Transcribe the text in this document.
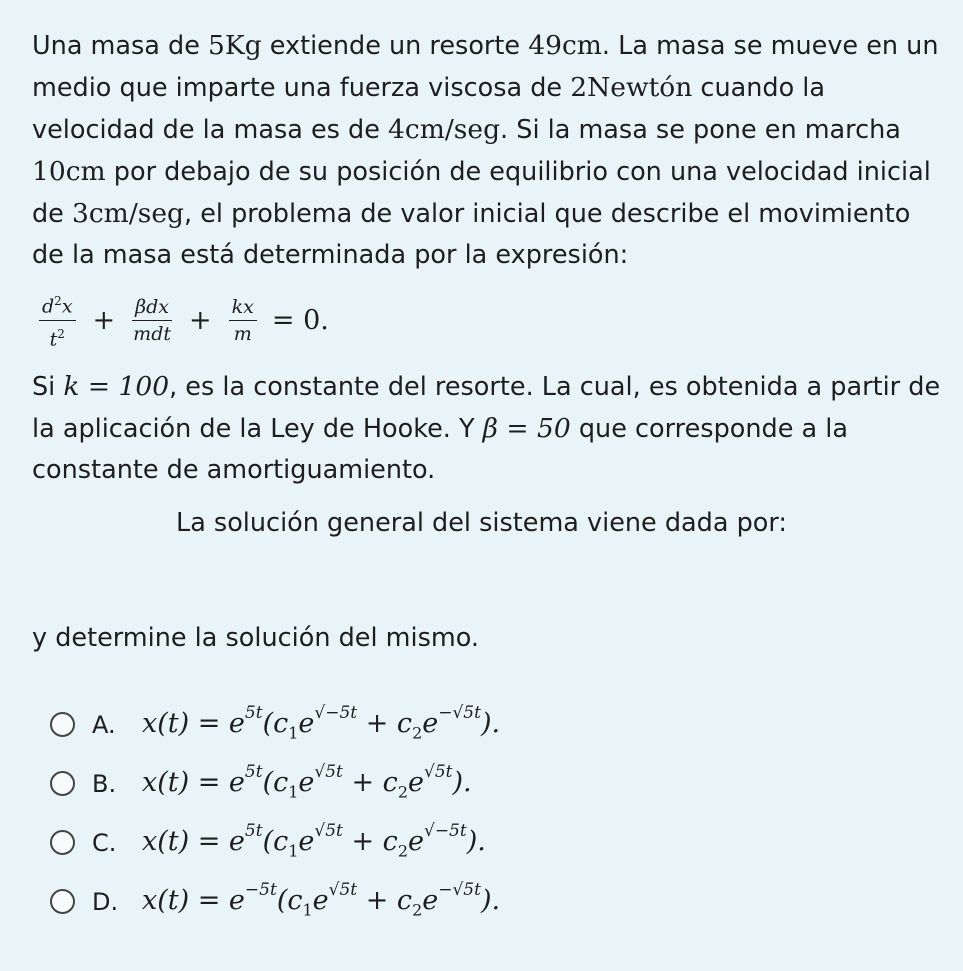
Una masa de 5Kg extiende un resorte 49cm. La masa se mueve en un medio que imparte una fuerza viscosa de 2Newtón cuando la velocidad de la masa es de 4cm/seg. Si la masa se pone en marcha 10cm por debajo de su posición de equilibrio con una velocidad inicial de 3cm/seg, el problema de valor inicial que describe el movimiento de la masa está determinada por la expresión:
$\frac{d^2x}{t^2} + \frac{\text{βdx}}{\text{mdt}} + \frac{kx}{m} = 0$.
Si k = 100, es la constante del resorte. La cual, es obtenida a partir de la aplicación de la Ley de Hooke. Y β = 50 que corresponde a la constante de amortiguamiento.
La solución general del sistema viene dada por:
y determine la solución del mismo.
A. $x(t) = e^{5t}(c_1e^{√-5t} + c_2e^{-√5t})$.
B. $x(t) = e^{5t}(c_1e^{√5t} + c_2e^{√5t})$.
C. $x(t) = e^{5t}(c_1e^{√5t} + c_2e^{√-5t})$.
D. $x(t) = e^{-5t}(c_1e^{√5t} + c_2e^{-√5t})$.
